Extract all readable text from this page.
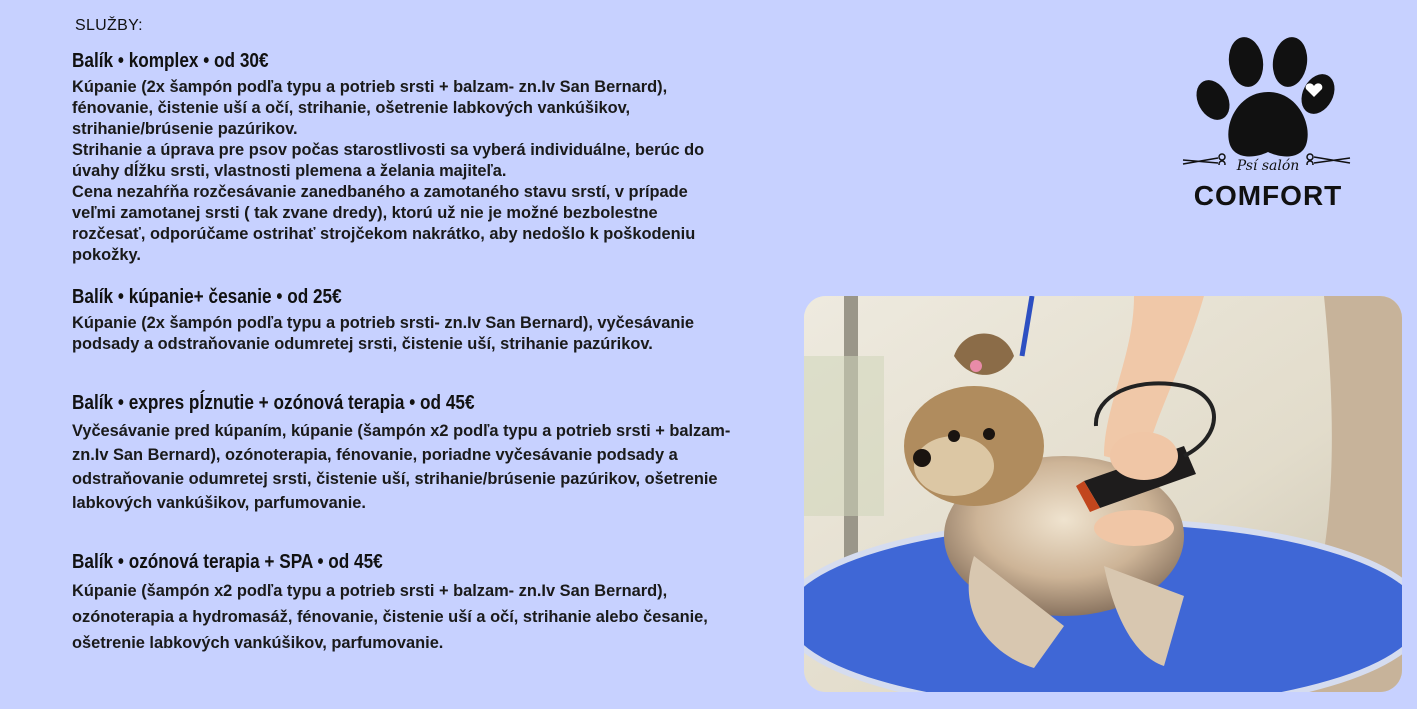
SLUŽBY:
Balík • komplex • od 30€

Kúpanie (2x šampón podľa typu a potrieb srsti + balzam- zn.Iv San Bernard),
fénovanie, čistenie uší a očí, strihanie, ošetrenie labkových vankúšikov,
strihanie/brúsenie pazúrikov.
Strihanie a úprava pre psov počas starostlivosti sa vyberá individuálne, berúc do
úvahy dĺžku srsti, vlastnosti plemena a želania majiteľa.
Cena nezahŕňa rozčesávanie zanedbaného a zamotaného stavu srstí, v prípade
veľmi zamotanej srsti ( tak zvane dredy), ktorú už nie je možné bezbolestne
rozčesať, odporúčame ostrihať strojčekom nakrátko, aby nedošlo k poškodeniu
pokožky.

Balík • kúpanie+ česanie • od 25€

Kúpanie (2x šampón podľa typu a potrieb srsti- zn.Iv San Bernard), vyčesávanie
podsady a odstraňovanie odumretej srsti, čistenie uší, strihanie pazúrikov.

Balík • expres pĺznutie + ozónová terapia • od 45€

Vyčesávanie pred kúpaním, kúpanie (šampón x2 podľa typu a potrieb srsti + balzam-
zn.Iv San Bernard), ozónoterapia, fénovanie, poriadne vyčesávanie podsady a
odstraňovanie odumretej srsti, čistenie uší, strihanie/brúsenie pazúrikov, ošetrenie
labkových vankúšikov, parfumovanie.

Balík • ozónová terapia + SPA • od 45€

Kúpanie (šampón x2 podľa typu a potrieb srsti + balzam- zn.Iv San Bernard),
ozónoterapia a hydromasáž, fénovanie, čistenie uší a očí, strihanie alebo česanie,
ošetrenie labkových vankúšikov, parfumovanie.

Psí salón
COMFORT
